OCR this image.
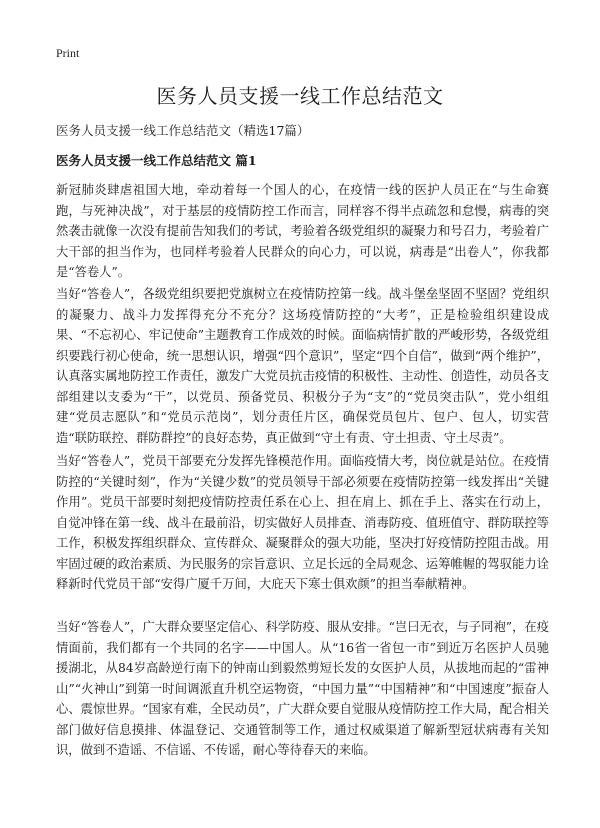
Print
医务人员支援一线工作总结范文

医务人员支援一线工作总结范文（精选17篇）

医务人员支援一线工作总结范文 篇1

新冠肺炎肆虐祖国大地，牵动着每一个国人的心，在疫情一线的医护人员正在“与生命赛跑，与死神决战”，对于基层的疫情防控工作而言，同样容不得半点疏忽和怠慢，病毒的突然袭击就像一次没有提前告知我们的考试，考验着各级党组织的凝聚力和号召力，考验着广大干部的担当作为，也同样考验着人民群众的向心力，可以说，病毒是“出卷人”，你我都是“答卷人”。

当好“答卷人”，各级党组织要把党旗树立在疫情防控第一线。战斗堡垒坚固不坚固？党组织的凝聚力、战斗力发挥得充分不充分？这场疫情防控的“大考”，正是检验组织建设成果、“不忘初心、牢记使命”主题教育工作成效的时候。面临病情扩散的严峻形势，各级党组织要践行初心使命，统一思想认识，增强“四个意识”，坚定“四个自信”，做到“两个维护”，认真落实属地防控工作责任，激发广大党员抗击疫情的积极性、主动性、创造性，动员各支部组建以支委为“干”，以党员、预备党员、积极分子为“支”的“党员突击队”，党小组组建“党员志愿队”和“党员示范岗”，划分责任片区，确保党员包片、包户、包人，切实营造“联防联控、群防群控”的良好态势，真正做到“守土有责、守土担责、守土尽责”。

当好“答卷人”，党员干部要充分发挥先锋模范作用。面临疫情大考，岗位就是站位。在疫情防控的“关键时刻”，作为“关键少数”的党员领导干部必须要在疫情防控第一线发挥出“关键作用”。党员干部要时刻把疫情防控责任系在心上、担在肩上、抓在手上、落实在行动上，自觉冲锋在第一线、战斗在最前沿，切实做好人员排查、消毒防疫、值班值守、群防联控等工作，积极发挥组织群众、宣传群众、凝聚群众的强大功能，坚决打好疫情防控阻击战。用牢固过硬的政治素质、为民服务的宗旨意识、立足长远的全局观念、运筹帷幄的驾驭能力诠释新时代党员干部“安得广厦千万间，大庇天下寒士俱欢颜”的担当奉献精神。

当好“答卷人”，广大群众要坚定信心、科学防疫、服从安排。“岂曰无衣，与子同袍”，在疫情面前，我们都有一个共同的名字——中国人。从“16省一省包一市”到近万名医护人员驰援湖北，从84岁高龄逆行南下的钟南山到毅然剪短长发的女医护人员，从拔地而起的“雷神山”“火神山”到第一时间调派直升机空运物资，“中国力量”“中国精神”和“中国速度”振奋人心、震惊世界。“国家有难，全民动员”，广大群众要自觉服从疫情防控工作大局，配合相关部门做好信息摸排、体温登记、交通管制等工作，通过权威渠道了解新型冠状病毒有关知识，做到不造谣、不信谣、不传谣，耐心等待春天的来临。
